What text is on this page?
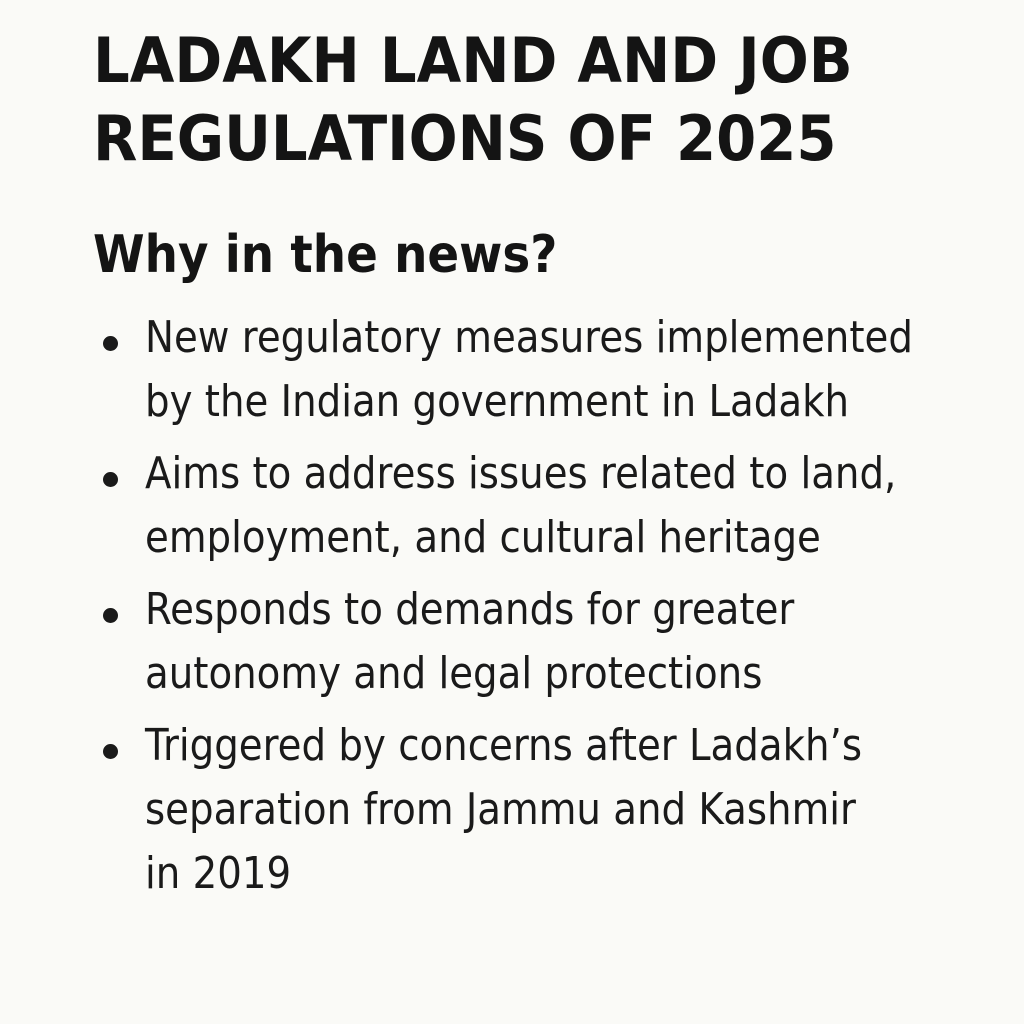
LADAKH LAND AND JOB
REGULATIONS OF 2025
Why in the news?
New regulatory measures implemented
by the Indian government in Ladakh
Aims to address issues related to land,
employment, and cultural heritage
Responds to demands for greater
autonomy and legal protections
Triggered by concerns after Ladakh’s
separation from Jammu and Kashmir
in 2019
